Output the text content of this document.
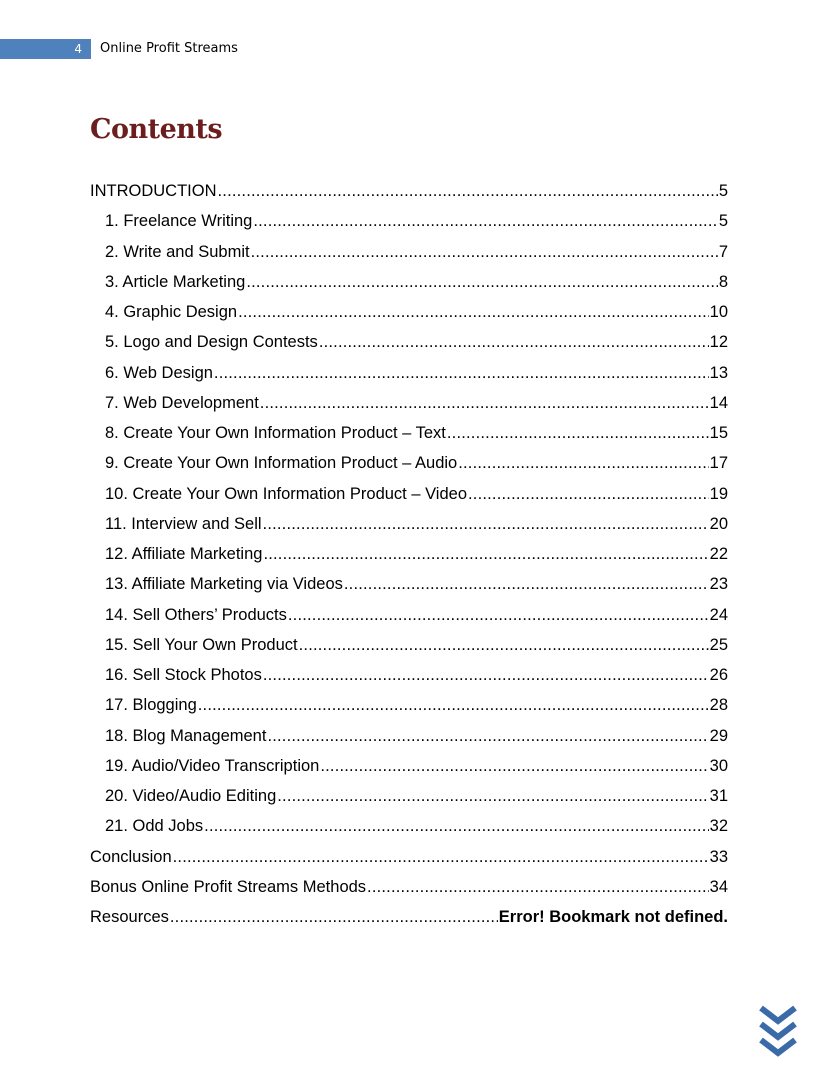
4	Online Profit Streams
Contents
INTRODUCTION .....	5
1. Freelance Writing .....	5
2. Write and Submit .....	7
3. Article Marketing .....	8
4. Graphic Design .....	10
5. Logo and Design Contests .....	12
6. Web Design .....	13
7. Web Development .....	14
8. Create Your Own Information Product – Text .....	15
9. Create Your Own Information Product – Audio .....	17
10. Create Your Own Information Product – Video .....	19
11. Interview and Sell .....	20
12. Affiliate Marketing .....	22
13. Affiliate Marketing via Videos .....	23
14. Sell Others’ Products .....	24
15. Sell Your Own Product .....	25
16. Sell Stock Photos .....	26
17. Blogging .....	28
18. Blog Management .....	29
19. Audio/Video Transcription .....	30
20. Video/Audio Editing .....	31
21. Odd Jobs .....	32
Conclusion .....	33
Bonus Online Profit Streams Methods .....	34
Resources .....	Error! Bookmark not defined.
